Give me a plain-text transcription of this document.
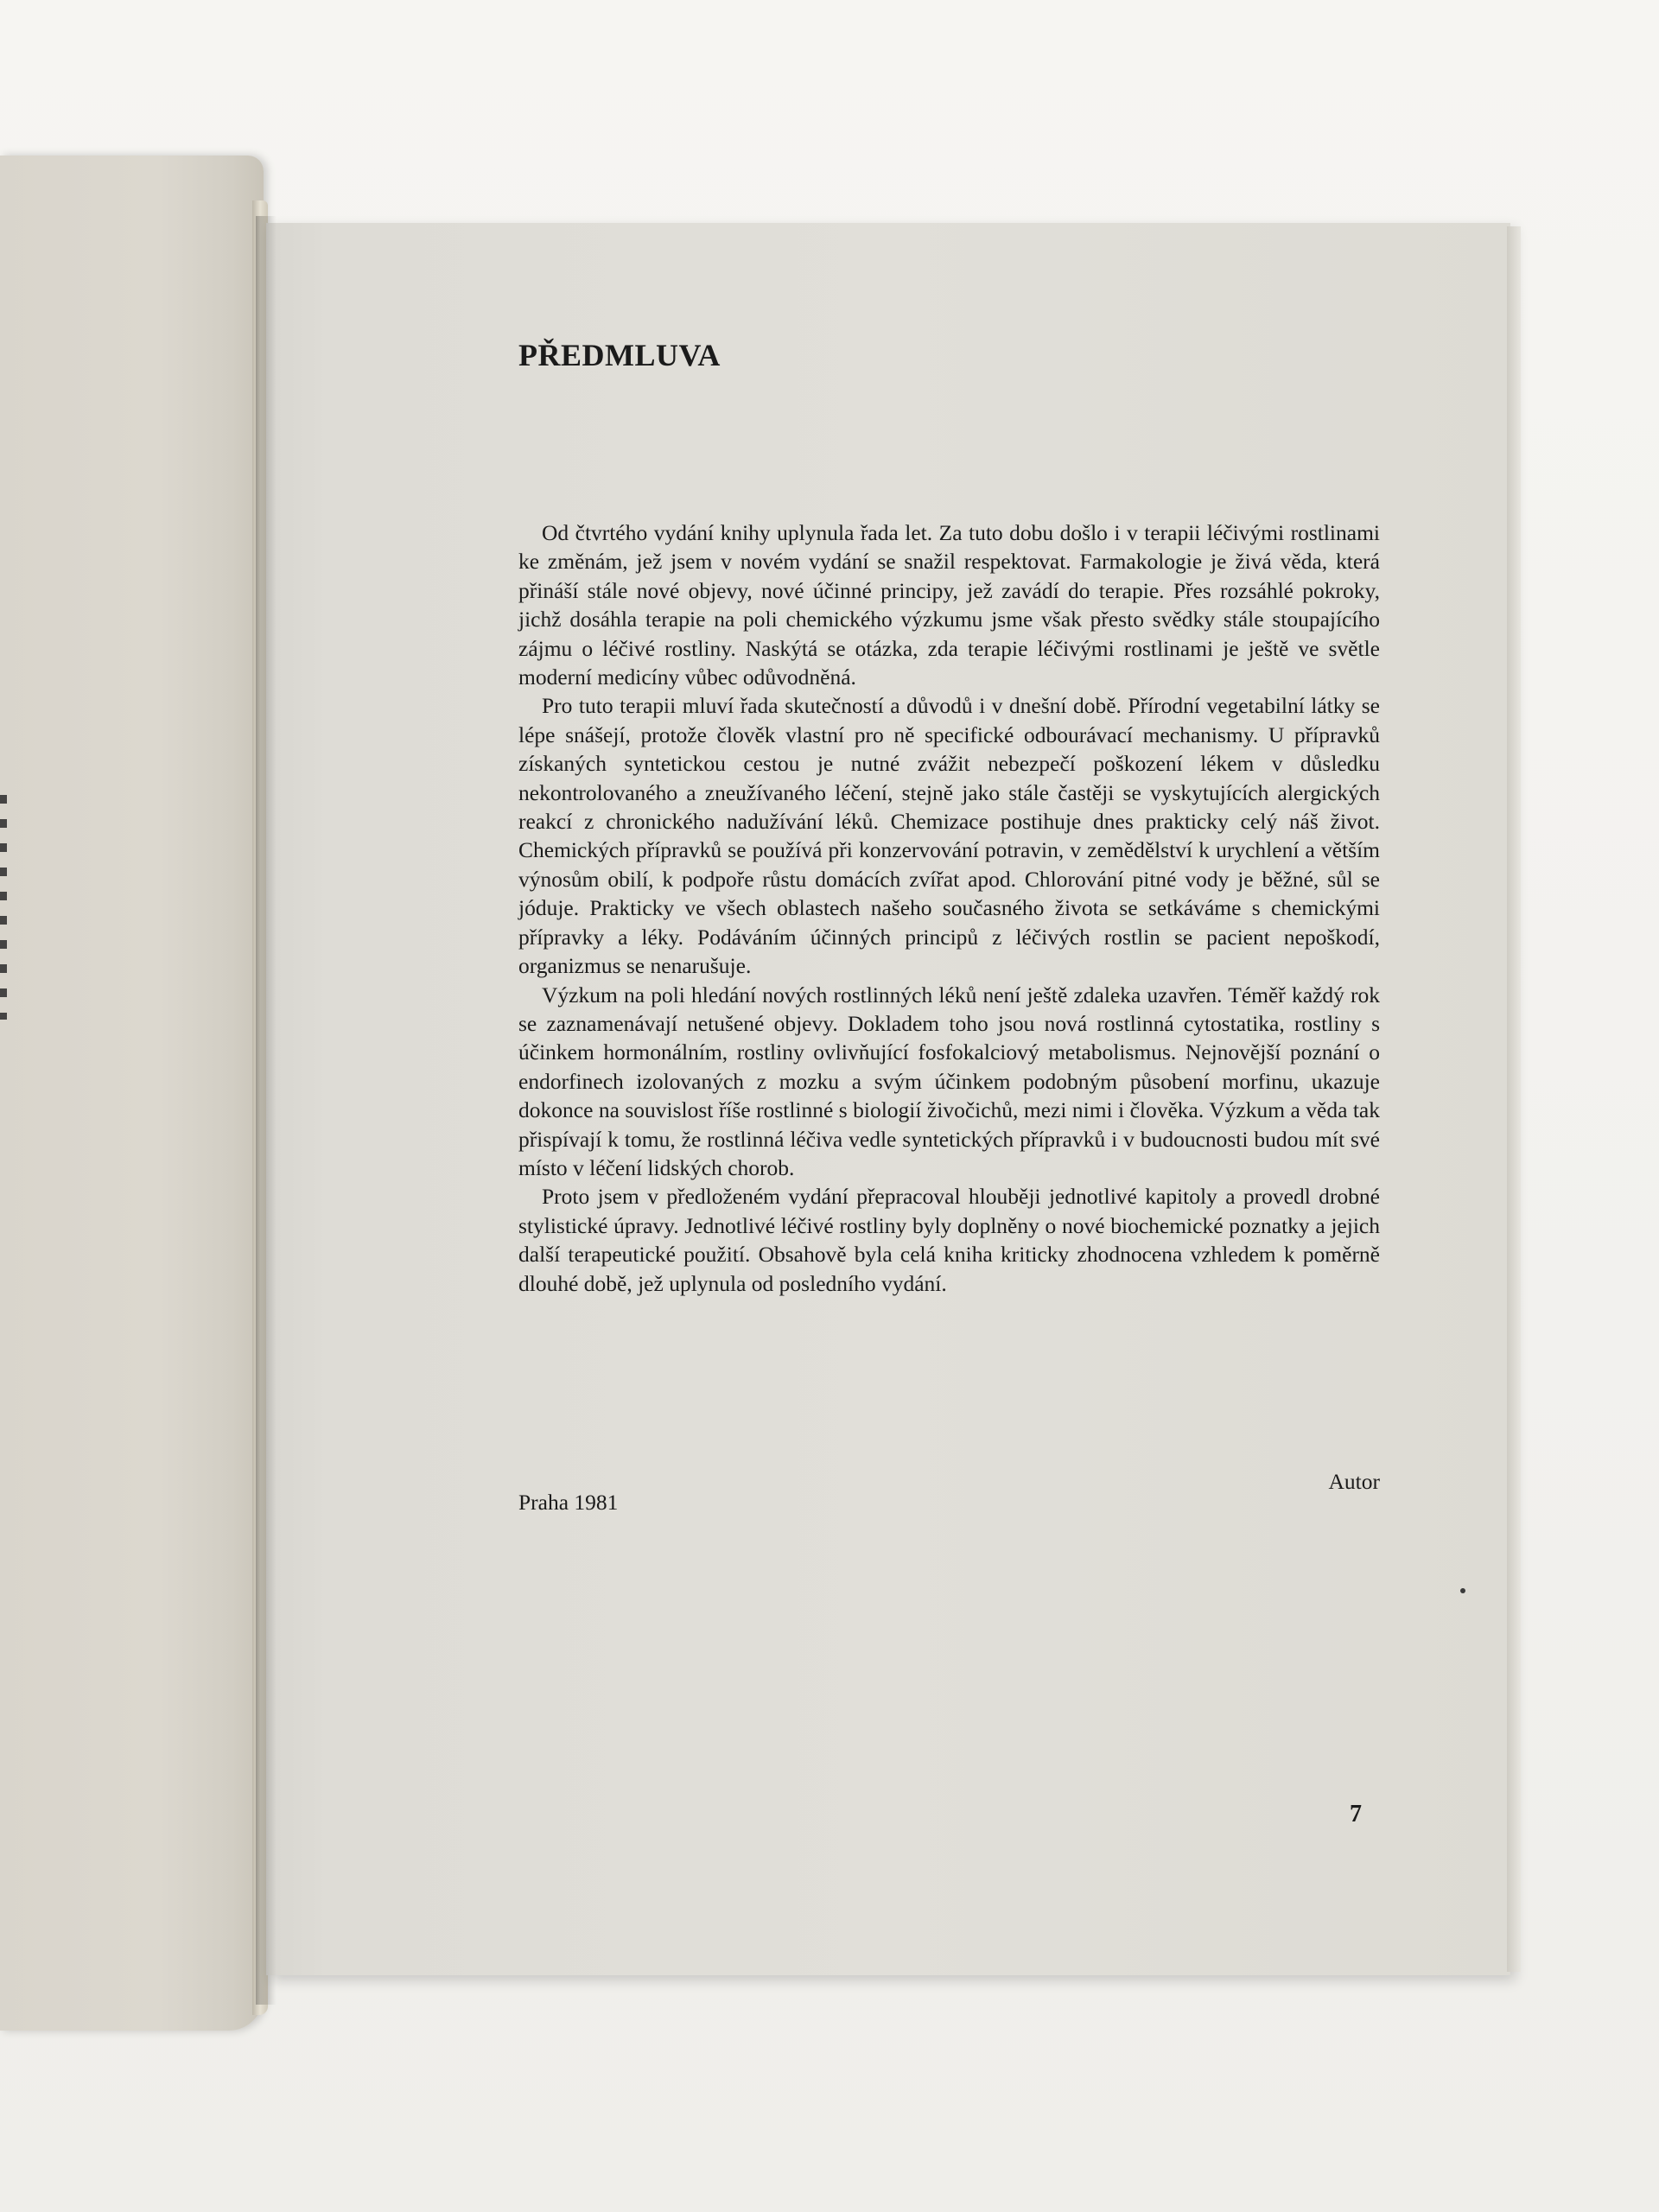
PŘEDMLUVA

Od čtvrtého vydání knihy uplynula řada let. Za tuto dobu došlo i v terapii léčivými rostlinami ke změnám, jež jsem v novém vydání se snažil respektovat. Farmakologie je živá věda, která přináší stále nové objevy, nové účinné principy, jež zavádí do terapie. Přes rozsáhlé pokroky, jichž dosáhla terapie na poli chemického výzkumu jsme však přesto svědky stále stoupajícího zájmu o léčivé rostliny. Naskýtá se otázka, zda terapie léčivými rostlinami je ještě ve světle moderní medicíny vůbec odůvodněná.

Pro tuto terapii mluví řada skutečností a důvodů i v dnešní době. Přírodní vegetabilní látky se lépe snášejí, protože člověk vlastní pro ně specifické odbourávací mechanismy. U přípravků získaných syntetickou cestou je nutné zvážit nebezpečí poškození lékem v důsledku nekontrolovaného a zneužívaného léčení, stejně jako stále častěji se vyskytujících alergických reakcí z chronického nadužívání léků. Chemizace postihuje dnes prakticky celý náš život. Chemických přípravků se používá při konzervování potravin, v zemědělství k urychlení a větším výnosům obilí, k podpoře růstu domácích zvířat apod. Chlorování pitné vody je běžné, sůl se jóduje. Prakticky ve všech oblastech našeho současného života se setkáváme s chemickými přípravky a léky. Podáváním účinných principů z léčivých rostlin se pacient nepoškodí, organizmus se nenarušuje.

Výzkum na poli hledání nových rostlinných léků není ještě zdaleka uzavřen. Téměř každý rok se zaznamenávají netušené objevy. Dokladem toho jsou nová rostlinná cytostatika, rostliny s účinkem hormonálním, rostliny ovlivňující fosfokalciový metabolismus. Nejnovější poznání o endorfinech izolovaných z mozku a svým účinkem podobným působení morfinu, ukazuje dokonce na souvislost říše rostlinné s biologií živočichů, mezi nimi i člověka. Výzkum a věda tak přispívají k tomu, že rostlinná léčiva vedle syntetických přípravků i v budoucnosti budou mít své místo v léčení lidských chorob.

Proto jsem v předloženém vydání přepracoval hlouběji jednotlivé kapitoly a provedl drobné stylistické úpravy. Jednotlivé léčivé rostliny byly doplněny o nové biochemické poznatky a jejich další terapeutické použití. Obsahově byla celá kniha kriticky zhodnocena vzhledem k poměrně dlouhé době, jež uplynula od posledního vydání.

Autor
Praha 1981
7
